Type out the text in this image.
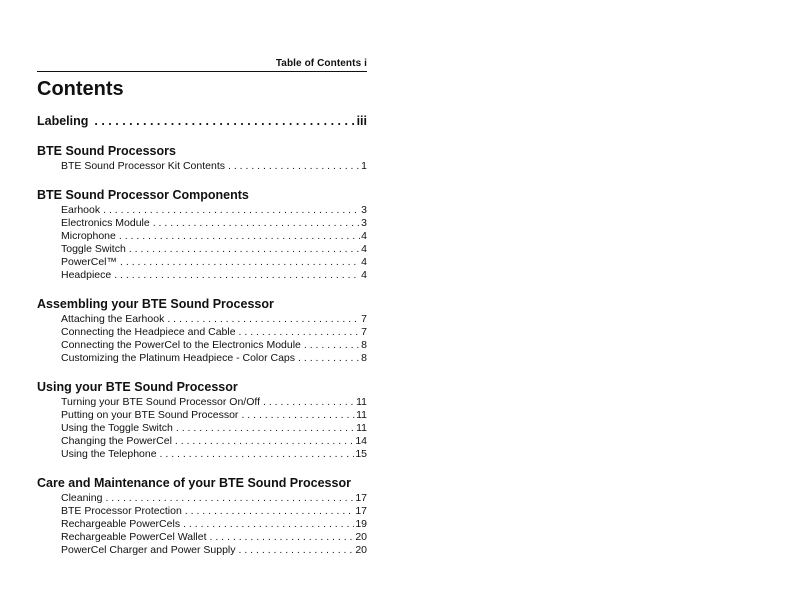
Table of Contents i
Contents
Labeling . . .	iii
BTE Sound Processors
BTE Sound Processor Kit Contents . . .	1
BTE Sound Processor Components
Earhook . . .	3
Electronics Module . . .	3
Microphone . . .	4
Toggle Switch . . .	4
PowerCel™ . . .	4
Headpiece . . .	4
Assembling your BTE Sound Processor
Attaching the Earhook . . .	7
Connecting the Headpiece and Cable . . .	7
Connecting the PowerCel to the Electronics Module . . .	8
Customizing the Platinum Headpiece - Color Caps . . .	8
Using your BTE Sound Processor
Turning your BTE Sound Processor On/Off . . .	11
Putting on your BTE Sound Processor . . .	11
Using the Toggle Switch . . .	11
Changing the PowerCel . . .	14
Using the Telephone . . .	15
Care and Maintenance of your BTE Sound Processor
Cleaning . . .	17
BTE Processor Protection . . .	17
Rechargeable PowerCels . . .	19
Rechargeable PowerCel Wallet . . .	20
PowerCel Charger and Power Supply . . .	20
